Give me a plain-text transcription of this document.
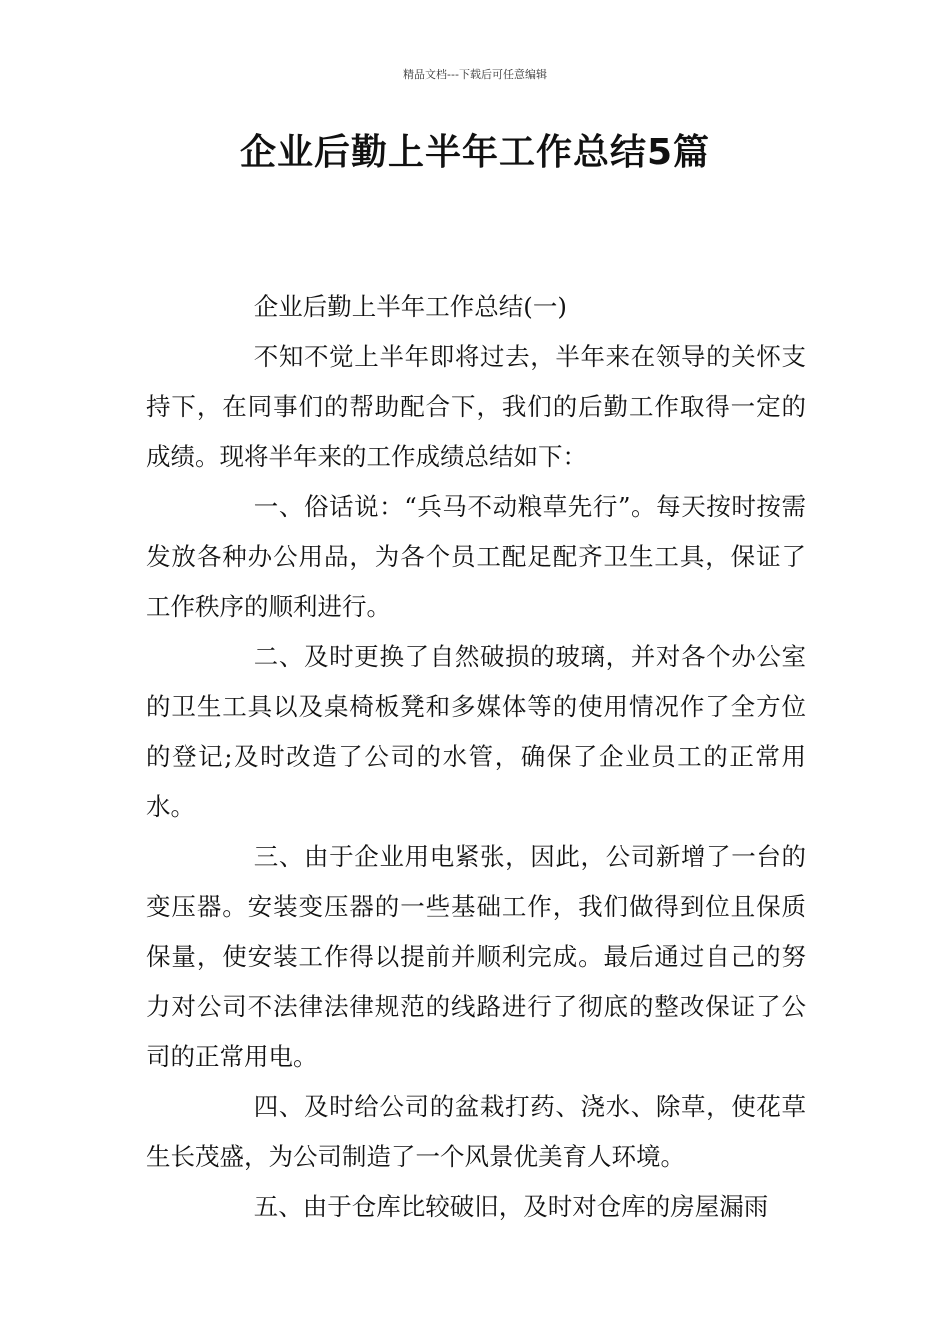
精品文档---下载后可任意编辑
企业后勤上半年工作总结5篇

企业后勤上半年工作总结(一)

不知不觉上半年即将过去，半年来在领导的关怀支持下，在同事们的帮助配合下，我们的后勤工作取得一定的成绩。现将半年来的工作成绩总结如下：

一、俗话说：“兵马不动粮草先行”。每天按时按需发放各种办公用品，为各个员工配足配齐卫生工具，保证了工作秩序的顺利进行。

二、及时更换了自然破损的玻璃，并对各个办公室的卫生工具以及桌椅板凳和多媒体等的使用情况作了全方位的登记;及时改造了公司的水管，确保了企业员工的正常用水。

三、由于企业用电紧张，因此，公司新增了一台的变压器。安装变压器的一些基础工作，我们做得到位且保质保量，使安装工作得以提前并顺利完成。最后通过自己的努力对公司不法律法律规范的线路进行了彻底的整改保证了公司的正常用电。

四、及时给公司的盆栽打药、浇水、除草，使花草生长茂盛，为公司制造了一个风景优美育人环境。

五、由于仓库比较破旧，及时对仓库的房屋漏雨
